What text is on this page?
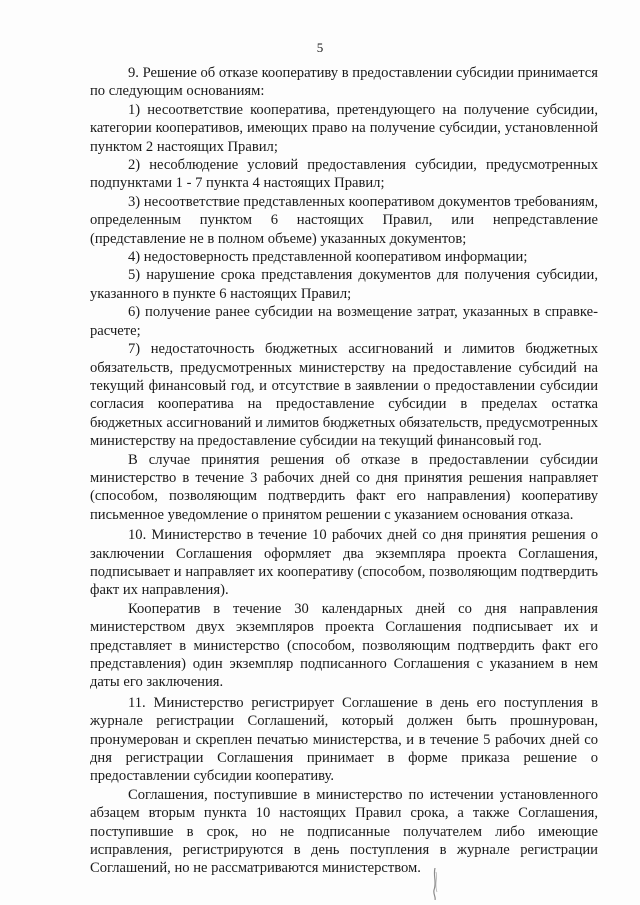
5

9. Решение об отказе кооперативу в предоставлении субсидии принимается по следующим основаниям:

1) несоответствие кооператива, претендующего на получение субсидии, категории кооперативов, имеющих право на получение субсидии, установленной пунктом 2 настоящих Правил;

2) несоблюдение условий предоставления субсидии, предусмотренных подпунктами 1 - 7 пункта 4 настоящих Правил;

3) несоответствие представленных кооперативом документов требованиям, определенным пунктом 6 настоящих Правил, или непредставление (представление не в полном объеме) указанных документов;

4) недостоверность представленной кооперативом информации;

5) нарушение срока представления документов для получения субсидии, указанного в пункте 6 настоящих Правил;

6) получение ранее субсидии на возмещение затрат, указанных в справке-расчете;

7) недостаточность бюджетных ассигнований и лимитов бюджетных обязательств, предусмотренных министерству на предоставление субсидий на текущий финансовый год, и отсутствие в заявлении о предоставлении субсидии согласия кооператива на предоставление субсидии в пределах остатка бюджетных ассигнований и лимитов бюджетных обязательств, предусмотренных министерству на предоставление субсидии на текущий финансовый год.

В случае принятия решения об отказе в предоставлении субсидии министерство в течение 3 рабочих дней со дня принятия решения направляет (способом, позволяющим подтвердить факт его направления) кооперативу письменное уведомление о принятом решении с указанием основания отказа.

10. Министерство в течение 10 рабочих дней со дня принятия решения о заключении Соглашения оформляет два экземпляра проекта Соглашения, подписывает и направляет их кооперативу (способом, позволяющим подтвердить факт их направления).

Кооператив в течение 30 календарных дней со дня направления министерством двух экземпляров проекта Соглашения подписывает их и представляет в министерство (способом, позволяющим подтвердить факт его представления) один экземпляр подписанного Соглашения с указанием в нем даты его заключения.

11. Министерство регистрирует Соглашение в день его поступления в журнале регистрации Соглашений, который должен быть прошнурован, пронумерован и скреплен печатью министерства, и в течение 5 рабочих дней со дня регистрации Соглашения принимает в форме приказа решение о предоставлении субсидии кооперативу.

Соглашения, поступившие в министерство по истечении установленного абзацем вторым пункта 10 настоящих Правил срока, а также Соглашения, поступившие в срок, но не подписанные получателем либо имеющие исправления, регистрируются в день поступления в журнале регистрации Соглашений, но не рассматриваются министерством.
